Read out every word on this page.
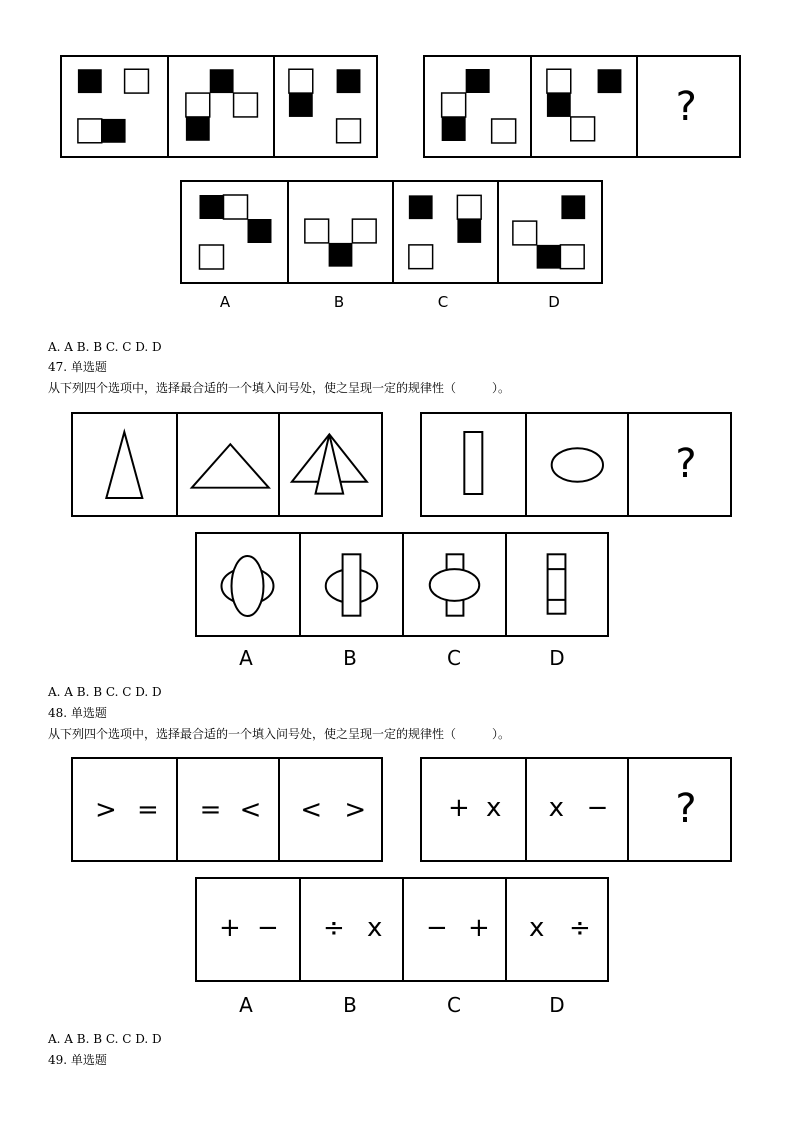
?
A	B	C	D
A. A B. B C. C D. D
47. 单选题
从下列四个选项中，选择最合适的一个填入问号处，使之呈现一定的规律性（　　　）。
?
A	B	C	D
A. A B. B C. C D. D
48. 单选题
从下列四个选项中，选择最合适的一个填入问号处，使之呈现一定的规律性（　　　）。
> = = < < >	+ x x − ?
+ − ÷ x − + x ÷
A	B	C	D
A. A B. B C. C D. D
49. 单选题
